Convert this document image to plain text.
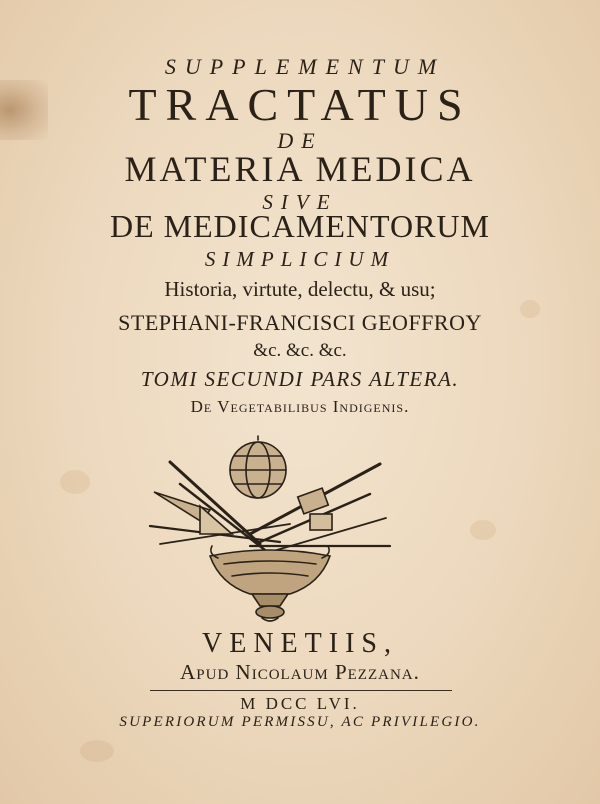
SUPPLEMENTUM
TRACTATUS
DE
MATERIA MEDICA
SIVE
DE MEDICAMENTORUM
SIMPLICIUM
Historia, virtute, delectu, & usu;
STEPHANI-FRANCISCI GEOFFROY
&c. &c. &c.
TOMI SECUNDI PARS ALTERA.
De Vegetabilibus Indigenis.
VENETIIS,
Apud Nicolaum Pezzana.
M DCC LVI.
SUPERIORUM PERMISSU, AC PRIVILEGIO.
